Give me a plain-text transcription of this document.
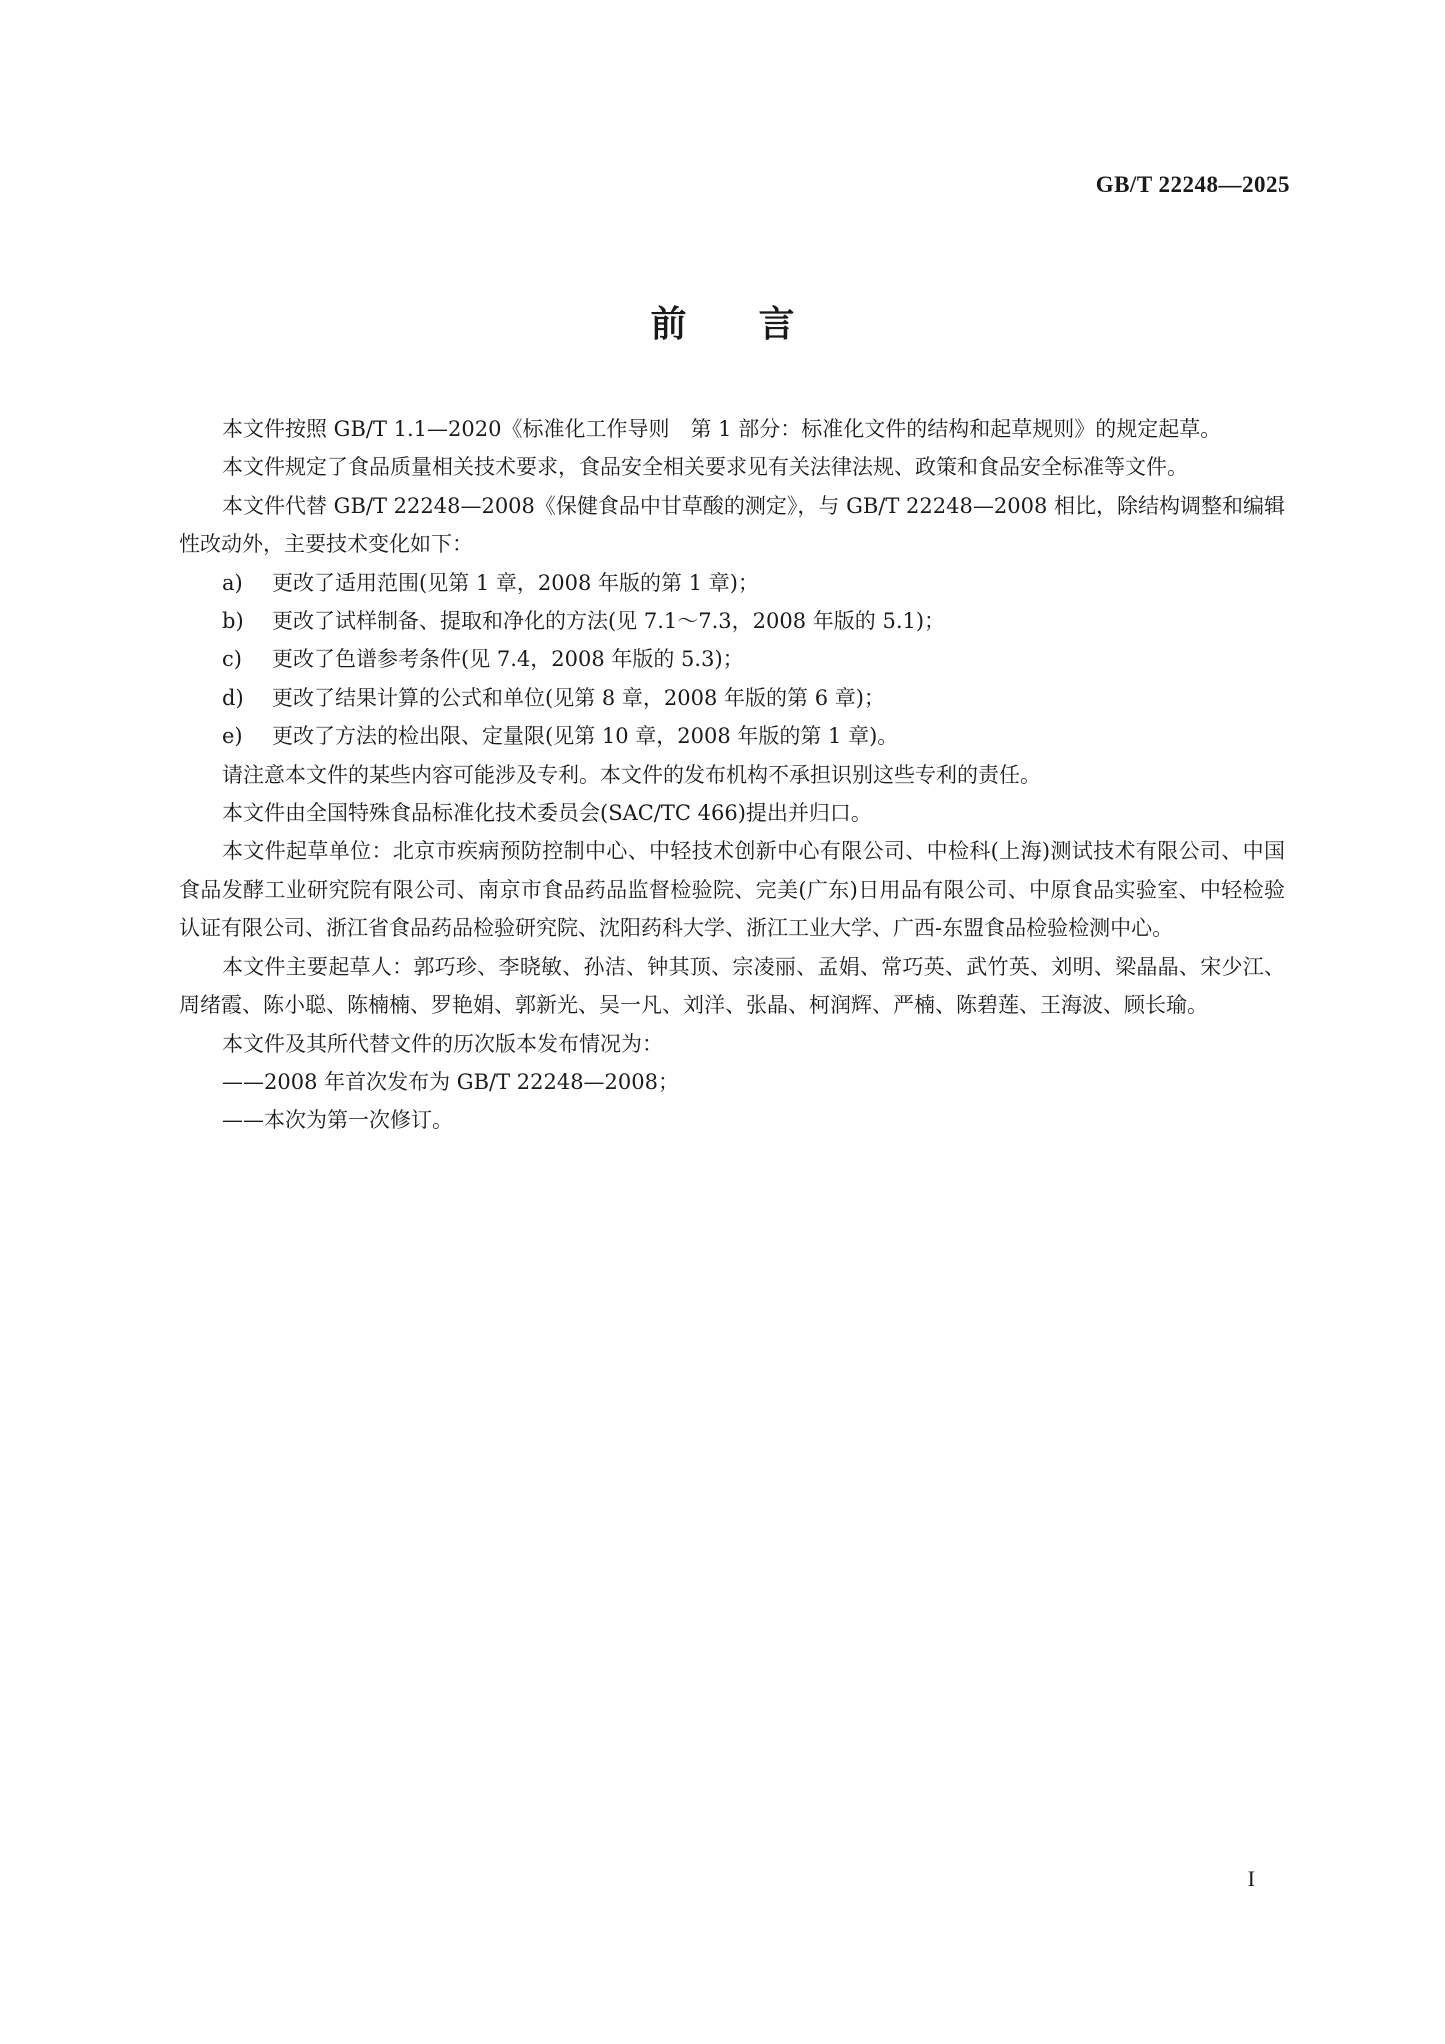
GB/T 22248—2025
前言

本文件按照 GB/T 1.1—2020《标准化工作导则　第 1 部分：标准化文件的结构和起草规则》的规定起草。

本文件规定了食品质量相关技术要求，食品安全相关要求见有关法律法规、政策和食品安全标准等文件。

本文件代替 GB/T 22248—2008《保健食品中甘草酸的测定》，与 GB/T 22248—2008 相比，除结构调整和编辑性改动外，主要技术变化如下：

a) 更改了适用范围(见第 1 章，2008 年版的第 1 章)；

b) 更改了试样制备、提取和净化的方法(见 7.1～7.3，2008 年版的 5.1)；

c) 更改了色谱参考条件(见 7.4，2008 年版的 5.3)；

d) 更改了结果计算的公式和单位(见第 8 章，2008 年版的第 6 章)；

e) 更改了方法的检出限、定量限(见第 10 章，2008 年版的第 1 章)。

请注意本文件的某些内容可能涉及专利。本文件的发布机构不承担识别这些专利的责任。

本文件由全国特殊食品标准化技术委员会(SAC/TC 466)提出并归口。

本文件起草单位：北京市疾病预防控制中心、中轻技术创新中心有限公司、中检科(上海)测试技术有限公司、中国食品发酵工业研究院有限公司、南京市食品药品监督检验院、完美(广东)日用品有限公司、中原食品实验室、中轻检验认证有限公司、浙江省食品药品检验研究院、沈阳药科大学、浙江工业大学、广西-东盟食品检验检测中心。

本文件主要起草人：郭巧珍、李晓敏、孙洁、钟其顶、宗凌丽、孟娟、常巧英、武竹英、刘明、梁晶晶、宋少江、周绪霞、陈小聪、陈楠楠、罗艳娟、郭新光、吴一凡、刘洋、张晶、柯润辉、严楠、陈碧莲、王海波、顾长瑜。

本文件及其所代替文件的历次版本发布情况为：

——2008 年首次发布为 GB/T 22248—2008；

——本次为第一次修订。

I
